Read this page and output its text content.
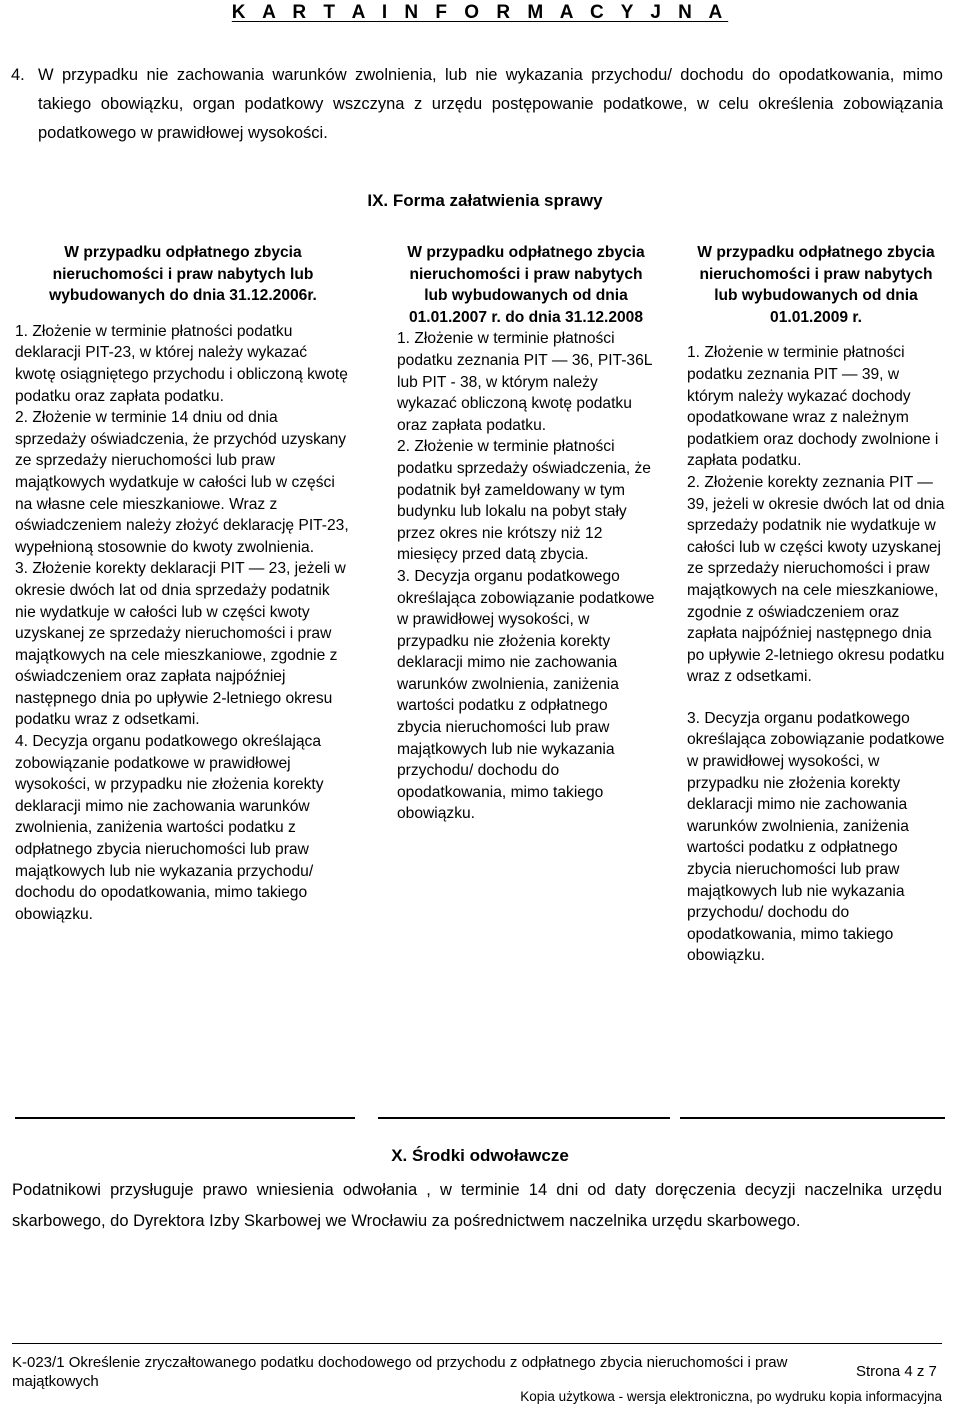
K A R T A I N F O R M A C Y J N A
4. W przypadku nie zachowania warunków zwolnienia, lub nie wykazania przychodu/ dochodu do opodatkowania, mimo takiego obowiązku, organ podatkowy wszczyna z urzędu postępowanie podatkowe, w celu określenia zobowiązania podatkowego w prawidłowej wysokości.
IX. Forma załatwienia sprawy
W przypadku odpłatnego zbycia nieruchomości i praw nabytych lub wybudowanych do dnia 31.12.2006r.

1. Złożenie w terminie płatności podatku deklaracji PIT-23, w której należy wykazać kwotę osiągniętego przychodu i obliczoną kwotę podatku oraz zapłata podatku.

2. Złożenie w terminie 14 dniu od dnia sprzedaży oświadczenia, że przychód uzyskany ze sprzedaży nieruchomości lub praw majątkowych wydatkuje w całości lub w części na własne cele mieszkaniowe. Wraz z oświadczeniem należy złożyć deklarację PIT-23, wypełnioną stosownie do kwoty zwolnienia.

3. Złożenie korekty deklaracji PIT — 23, jeżeli w okresie dwóch lat od dnia sprzedaży podatnik nie wydatkuje w całości lub w części kwoty uzyskanej ze sprzedaży nieruchomości i praw majątkowych na cele mieszkaniowe, zgodnie z oświadczeniem oraz zapłata najpóźniej następnego dnia po upływie 2-letniego okresu podatku wraz z odsetkami.

4. Decyzja organu podatkowego określająca zobowiązanie podatkowe w prawidłowej wysokości, w przypadku nie złożenia korekty deklaracji mimo nie zachowania warunków zwolnienia, zaniżenia wartości podatku z odpłatnego zbycia nieruchomości lub praw majątkowych lub nie wykazania przychodu/ dochodu do opodatkowania, mimo takiego obowiązku.

W przypadku odpłatnego zbycia nieruchomości i praw nabytych lub wybudowanych od dnia 01.01.2007 r. do dnia 31.12.2008

1. Złożenie w terminie płatności podatku zeznania PIT — 36, PIT-36L lub PIT - 38, w którym należy wykazać obliczoną kwotę podatku oraz zapłata podatku.

2. Złożenie w terminie płatności podatku sprzedaży oświadczenia, że podatnik był zameldowany w tym budynku lub lokalu na pobyt stały przez okres nie krótszy niż 12 miesięcy przed datą zbycia.

3. Decyzja organu podatkowego określająca zobowiązanie podatkowe w prawidłowej wysokości, w przypadku nie złożenia korekty deklaracji mimo nie zachowania warunków zwolnienia, zaniżenia wartości podatku z odpłatnego zbycia nieruchomości lub praw majątkowych lub nie wykazania przychodu/ dochodu do opodatkowania, mimo takiego obowiązku.

W przypadku odpłatnego zbycia nieruchomości i praw nabytych lub wybudowanych od dnia 01.01.2009 r.

1. Złożenie w terminie płatności podatku zeznania PIT — 39, w którym należy wykazać dochody opodatkowane wraz z należnym podatkiem oraz dochody zwolnione i zapłata podatku.

2. Złożenie korekty zeznania PIT — 39, jeżeli w okresie dwóch lat od dnia sprzedaży podatnik nie wydatkuje w całości lub w części kwoty uzyskanej ze sprzedaży nieruchomości i praw majątkowych na cele mieszkaniowe, zgodnie z oświadczeniem oraz zapłata najpóźniej następnego dnia po upływie 2-letniego okresu podatku wraz z odsetkami.

3. Decyzja organu podatkowego określająca zobowiązanie podatkowe w prawidłowej wysokości, w przypadku nie złożenia korekty deklaracji mimo nie zachowania warunków zwolnienia, zaniżenia wartości podatku z odpłatnego zbycia nieruchomości lub praw majątkowych lub nie wykazania przychodu/ dochodu do opodatkowania, mimo takiego obowiązku.

X. Środki odwoławcze
Podatnikowi przysługuje prawo wniesienia odwołania , w terminie 14 dni od daty doręczenia decyzji naczelnika urzędu skarbowego, do Dyrektora Izby Skarbowej we Wrocławiu za pośrednictwem naczelnika urzędu skarbowego.
K-023/1 Określenie zryczałtowanego podatku dochodowego od przychodu z odpłatnego zbycia nieruchomości i praw majątkowych
Strona 4 z 7
Kopia użytkowa - wersja elektroniczna, po wydruku kopia informacyjna
